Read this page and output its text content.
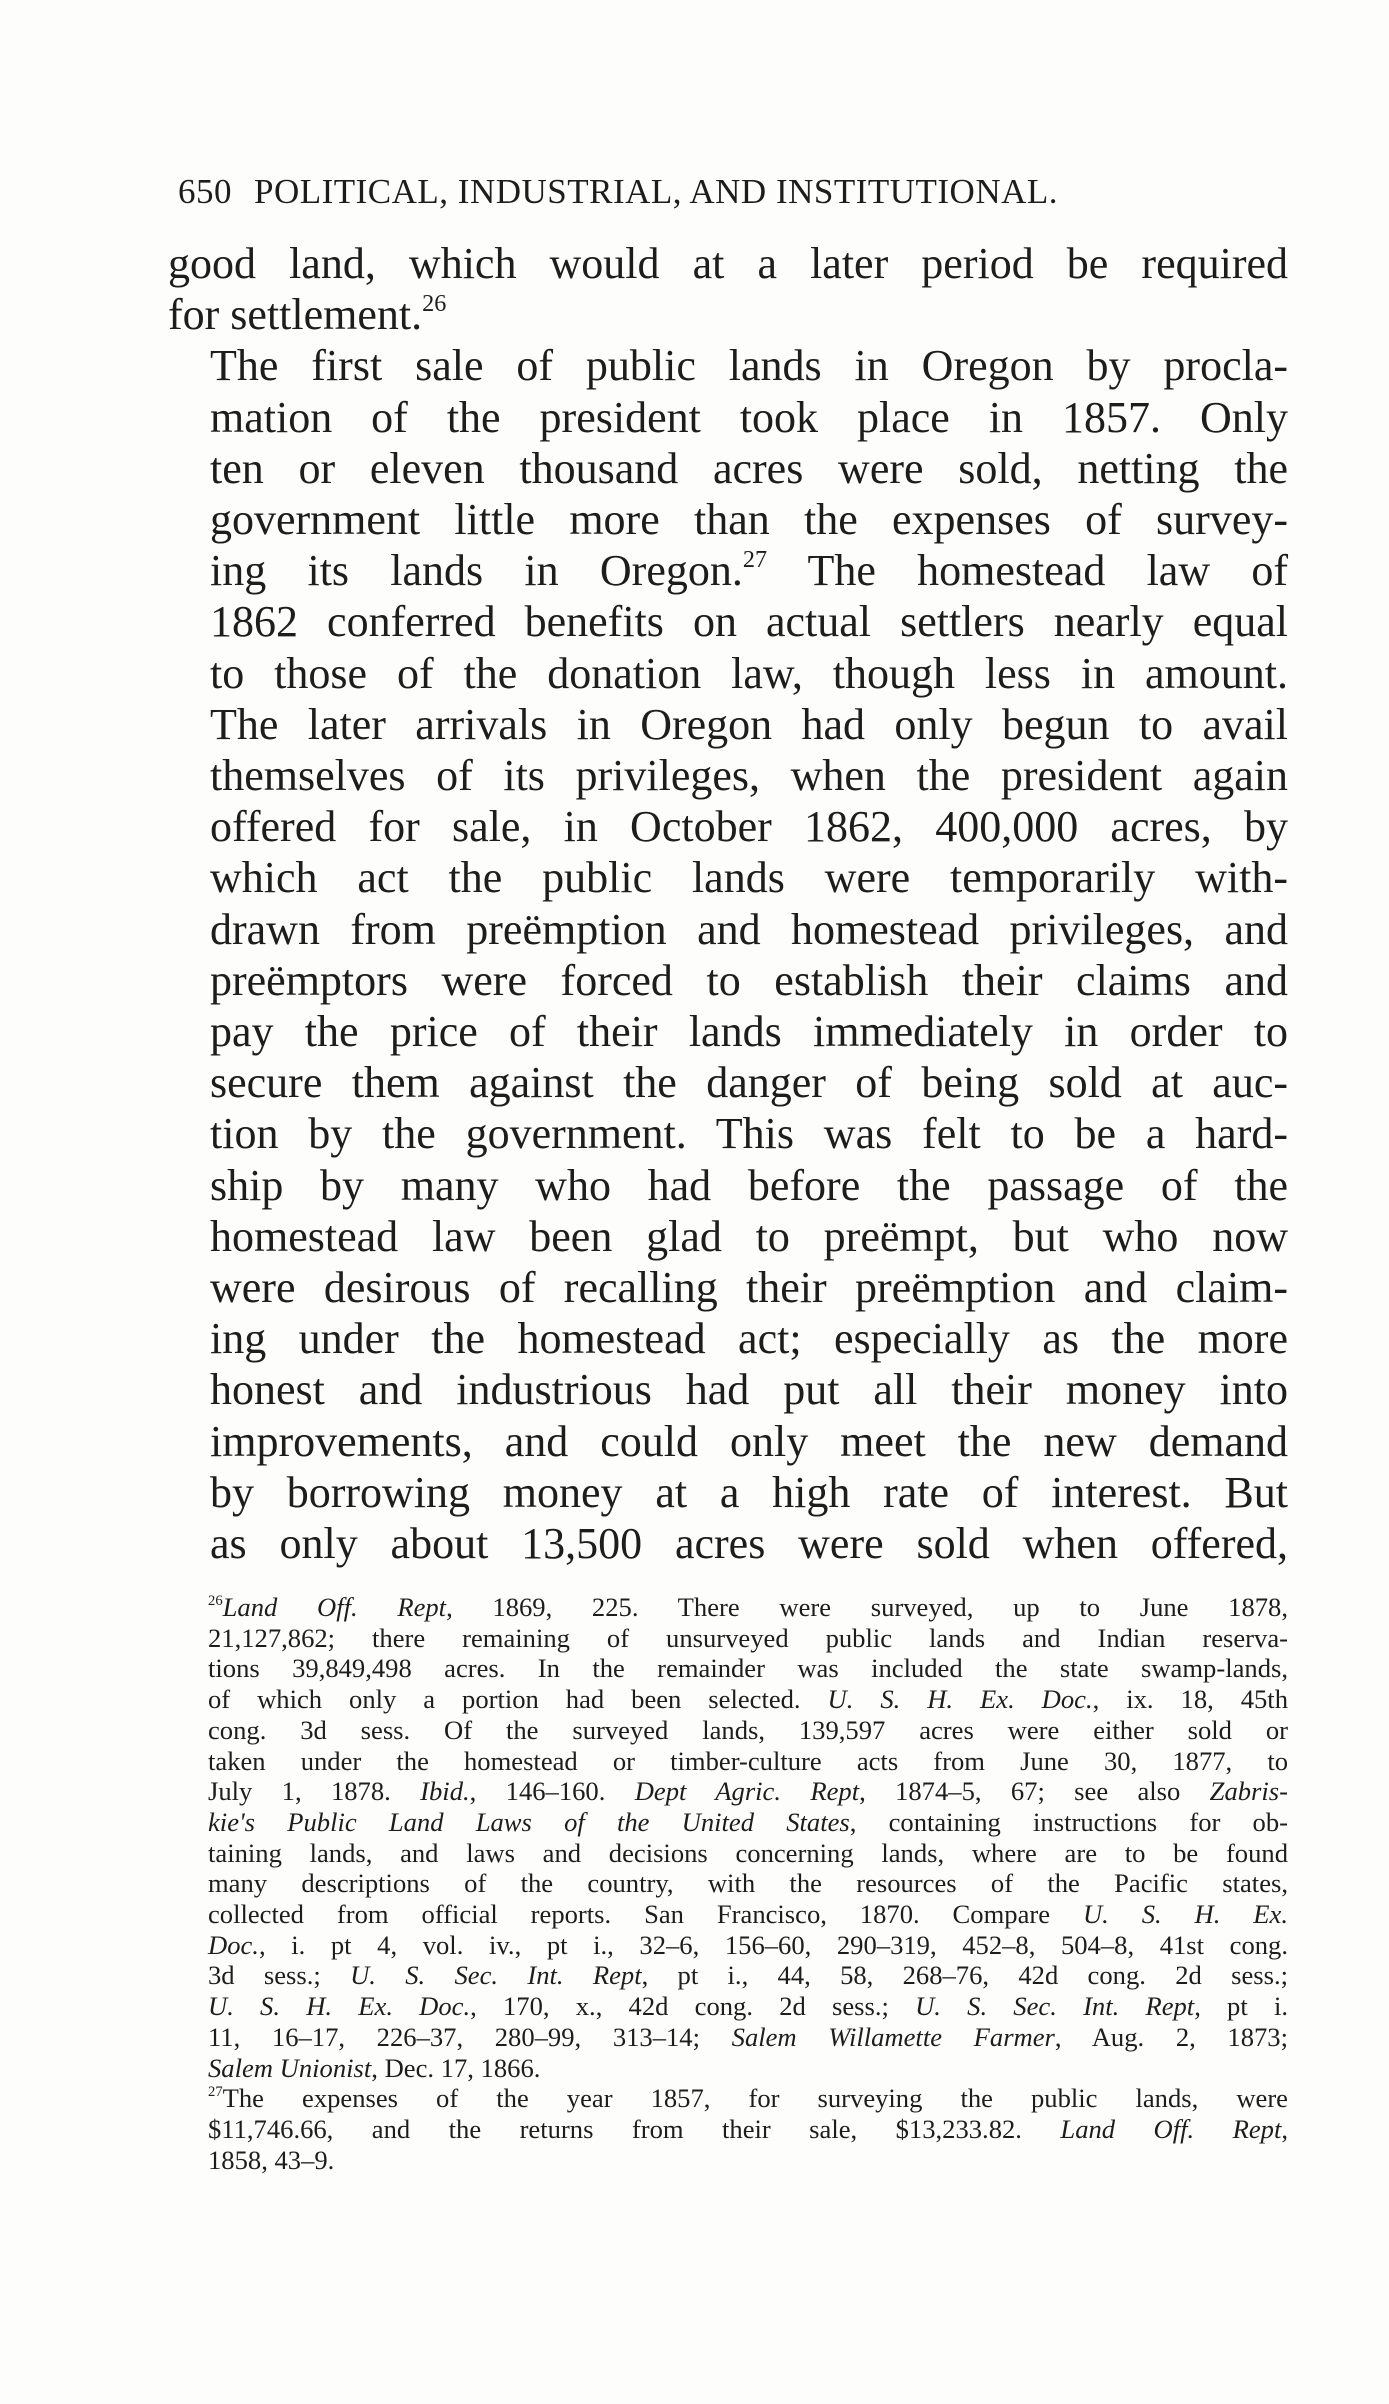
650 POLITICAL, INDUSTRIAL, AND INSTITUTIONAL.

good land, which would at a later period be required
for settlement.$^{26}$

The first sale of public lands in Oregon by procla-
mation of the president took place in 1857. Only
ten or eleven thousand acres were sold, netting the
government little more than the expenses of survey-
ing its lands in Oregon.$^{27}$ The homestead law of
1862 conferred benefits on actual settlers nearly equal
to those of the donation law, though less in amount.
The later arrivals in Oregon had only begun to avail
themselves of its privileges, when the president again
offered for sale, in October 1862, 400,000 acres, by
which act the public lands were temporarily with-
drawn from preëmption and homestead privileges, and
preëmptors were forced to establish their claims and
pay the price of their lands immediately in order to
secure them against the danger of being sold at auc-
tion by the government. This was felt to be a hard-
ship by many who had before the passage of the
homestead law been glad to preëmpt, but who now
were desirous of recalling their preëmption and claim-
ing under the homestead act; especially as the more
honest and industrious had put all their money into
improvements, and could only meet the new demand
by borrowing money at a high rate of interest. But
as only about 13,500 acres were sold when offered,

$^{26}$Land Off. Rept, 1869, 225. There were surveyed, up to June 1878,
21,127,862; there remaining of unsurveyed public lands and Indian reserva-
tions 39,849,498 acres. In the remainder was included the state swamp-lands,
of which only a portion had been selected. U. S. H. Ex. Doc., ix. 18, 45th
cong. 3d sess. Of the surveyed lands, 139,597 acres were either sold or
taken under the homestead or timber-culture acts from June 30, 1877, to
July 1, 1878. Ibid., 146–160. Dept Agric. Rept, 1874–5, 67; see also Zabris-
kie's Public Land Laws of the United States, containing instructions for ob-
taining lands, and laws and decisions concerning lands, where are to be found
many descriptions of the country, with the resources of the Pacific states,
collected from official reports. San Francisco, 1870. Compare U. S. H. Ex.
Doc., i. pt 4, vol. iv., pt i., 32–6, 156–60, 290–319, 452–8, 504–8, 41st cong.
3d sess.; U. S. Sec. Int. Rept, pt i., 44, 58, 268–76, 42d cong. 2d sess.;
U. S. H. Ex. Doc., 170, x., 42d cong. 2d sess.; U. S. Sec. Int. Rept, pt i.
11, 16–17, 226–37, 280–99, 313–14; Salem Willamette Farmer, Aug. 2, 1873;
Salem Unionist, Dec. 17, 1866.

$^{27}$The expenses of the year 1857, for surveying the public lands, were
$11,746.66, and the returns from their sale, $13,233.82. Land Off. Rept,
1858, 43–9.
